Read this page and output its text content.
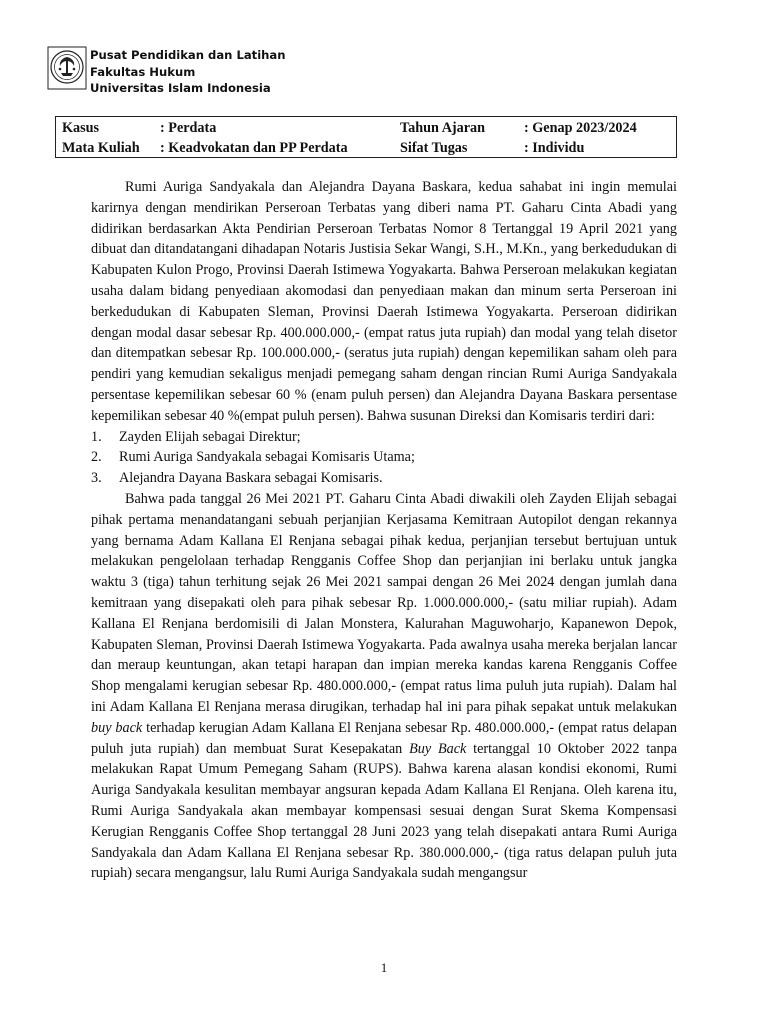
Pusat Pendidikan dan Latihan
Fakultas Hukum
Universitas Islam Indonesia
Kasus	: Perdata	Tahun Ajaran	: Genap 2023/2024
Mata Kuliah : Keadvokatan dan PP Perdata	Sifat Tugas	: Individu

Rumi Auriga Sandyakala dan Alejandra Dayana Baskara, kedua sahabat ini ingin memulai karirnya dengan mendirikan Perseroan Terbatas yang diberi nama PT. Gaharu Cinta Abadi yang didirikan berdasarkan Akta Pendirian Perseroan Terbatas Nomor 8 Tertanggal 19 April 2021 yang dibuat dan ditandatangani dihadapan Notaris Justisia Sekar Wangi, S.H., M.Kn., yang berkedudukan di Kabupaten Kulon Progo, Provinsi Daerah Istimewa Yogyakarta. Bahwa Perseroan melakukan kegiatan usaha dalam bidang penyediaan akomodasi dan penyediaan makan dan minum serta Perseroan ini berkedudukan di Kabupaten Sleman, Provinsi Daerah Istimewa Yogyakarta. Perseroan didirikan dengan modal dasar sebesar Rp. 400.000.000,- (empat ratus juta rupiah) dan modal yang telah disetor dan ditempatkan sebesar Rp. 100.000.000,- (seratus juta rupiah) dengan kepemilikan saham oleh para pendiri yang kemudian sekaligus menjadi pemegang saham dengan rincian Rumi Auriga Sandyakala persentase kepemilikan sebesar 60 % (enam puluh persen) dan Alejandra Dayana Baskara persentase kepemilikan sebesar 40 %(empat puluh persen). Bahwa susunan Direksi dan Komisaris terdiri dari:

1. Zayden Elijah sebagai Direktur;
2. Rumi Auriga Sandyakala sebagai Komisaris Utama;
3. Alejandra Dayana Baskara sebagai Komisaris.

Bahwa pada tanggal 26 Mei 2021 PT. Gaharu Cinta Abadi diwakili oleh Zayden Elijah sebagai pihak pertama menandatangani sebuah perjanjian Kerjasama Kemitraan Autopilot dengan rekannya yang bernama Adam Kallana El Renjana sebagai pihak kedua, perjanjian tersebut bertujuan untuk melakukan pengelolaan terhadap Rengganis Coffee Shop dan perjanjian ini berlaku untuk jangka waktu 3 (tiga) tahun terhitung sejak 26 Mei 2021 sampai dengan 26 Mei 2024 dengan jumlah dana kemitraan yang disepakati oleh para pihak sebesar Rp. 1.000.000.000,- (satu miliar rupiah). Adam Kallana El Renjana berdomisili di Jalan Monstera, Kalurahan Maguwoharjo, Kapanewon Depok, Kabupaten Sleman, Provinsi Daerah Istimewa Yogyakarta. Pada awalnya usaha mereka berjalan lancar dan meraup keuntungan, akan tetapi harapan dan impian mereka kandas karena Rengganis Coffee Shop mengalami kerugian sebesar Rp. 480.000.000,- (empat ratus lima puluh juta rupiah). Dalam hal ini Adam Kallana El Renjana merasa dirugikan, terhadap hal ini para pihak sepakat untuk melakukan buy back terhadap kerugian Adam Kallana El Renjana sebesar Rp. 480.000.000,- (empat ratus delapan puluh juta rupiah) dan membuat Surat Kesepakatan Buy Back tertanggal 10 Oktober 2022 tanpa melakukan Rapat Umum Pemegang Saham (RUPS). Bahwa karena alasan kondisi ekonomi, Rumi Auriga Sandyakala kesulitan membayar angsuran kepada Adam Kallana El Renjana. Oleh karena itu, Rumi Auriga Sandyakala akan membayar kompensasi sesuai dengan Surat Skema Kompensasi Kerugian Rengganis Coffee Shop tertanggal 28 Juni 2023 yang telah disepakati antara Rumi Auriga Sandyakala dan Adam Kallana El Renjana sebesar Rp. 380.000.000,- (tiga ratus delapan puluh juta rupiah) secara mengangsur, lalu Rumi Auriga Sandyakala sudah mengangsur

1
